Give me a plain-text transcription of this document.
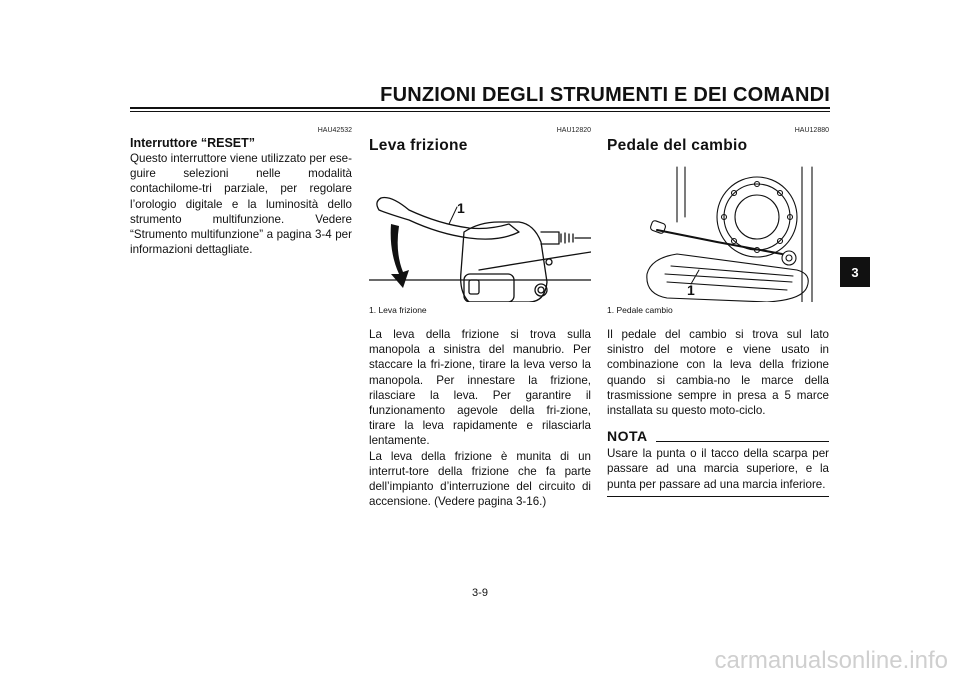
FUNZIONI DEGLI STRUMENTI E DEI COMANDI
3
HAU42532
Interruttore “RESET”

Questo interruttore viene utilizzato per ese-guire selezioni nelle modalità contachilome-tri parziale, per regolare l’orologio digitale e la luminosità dello strumento multifunzione. Vedere “Strumento multifunzione” a pagina 3-4 per informazioni dettagliate.

HAU12820
Leva frizione
1
1. Leva frizione

La leva della frizione si trova sulla manopola a sinistra del manubrio. Per staccare la fri-zione, tirare la leva verso la manopola. Per innestare la frizione, rilasciare la leva. Per garantire il funzionamento agevole della fri-zione, tirare la leva rapidamente e rilasciarla lentamente.

La leva della frizione è munita di un interrut-tore della frizione che fa parte dell’impianto d’interruzione del circuito di accensione. (Vedere pagina 3-16.)

HAU12880
Pedale del cambio
1
1. Pedale cambio

Il pedale del cambio si trova sul lato sinistro del motore e viene usato in combinazione con la leva della frizione quando si cambia-no le marce della trasmissione sempre in presa a 5 marce installata su questo moto-ciclo.

NOTA

Usare la punta o il tacco della scarpa per passare ad una marcia superiore, e la punta per passare ad una marcia inferiore.

3-9
carmanualsonline.info
